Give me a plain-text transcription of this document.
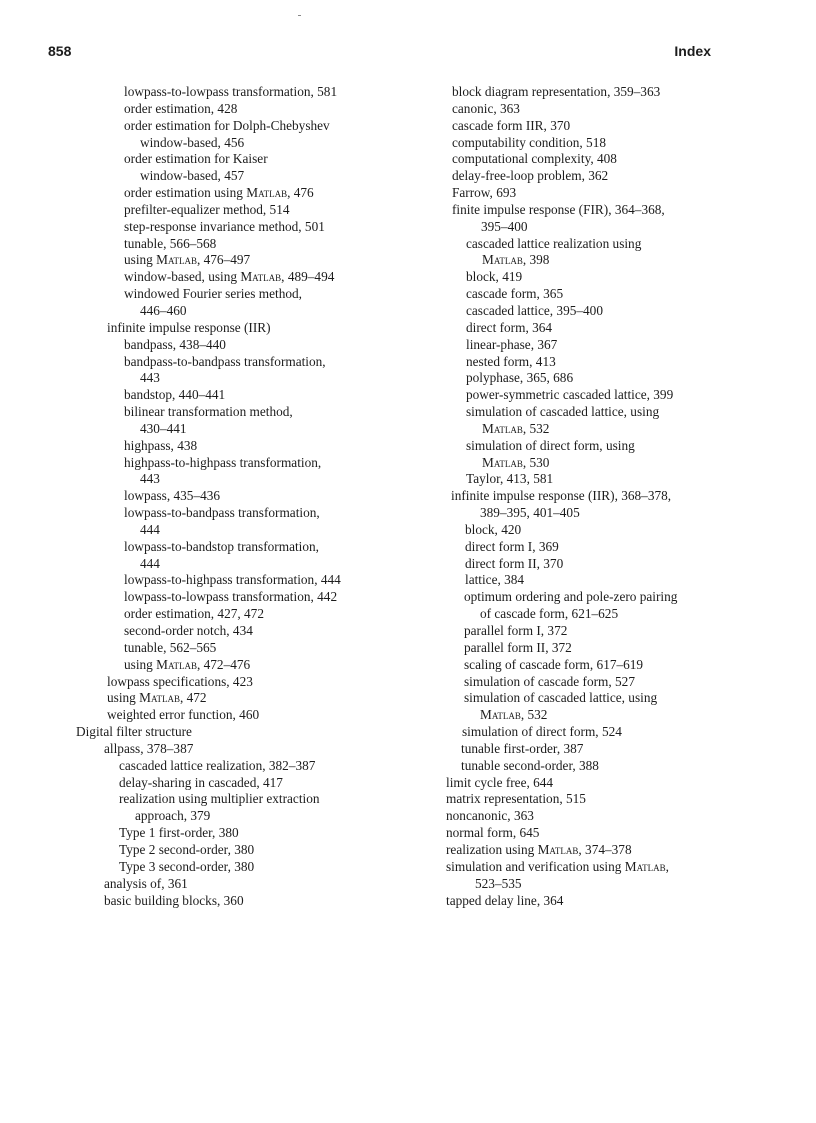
858	Index
lowpass-to-lowpass transformation, 581
order estimation, 428
order estimation for Dolph-Chebyshev
window-based, 456
order estimation for Kaiser
window-based, 457
order estimation using Matlab, 476
prefilter-equalizer method, 514
step-response invariance method, 501
tunable, 566–568
using Matlab, 476–497
window-based, using Matlab, 489–494
windowed Fourier series method,
446–460
infinite impulse response (IIR)
bandpass, 438–440
bandpass-to-bandpass transformation,
443
bandstop, 440–441
bilinear transformation method,
430–441
highpass, 438
highpass-to-highpass transformation,
443
lowpass, 435–436
lowpass-to-bandpass transformation,
444
lowpass-to-bandstop transformation,
444
lowpass-to-highpass transformation, 444
lowpass-to-lowpass transformation, 442
order estimation, 427, 472
second-order notch, 434
tunable, 562–565
using Matlab, 472–476
lowpass specifications, 423
using Matlab, 472
weighted error function, 460
Digital filter structure
allpass, 378–387
cascaded lattice realization, 382–387
delay-sharing in cascaded, 417
realization using multiplier extraction
approach, 379
Type 1 first-order, 380
Type 2 second-order, 380
Type 3 second-order, 380
analysis of, 361
basic building blocks, 360
block diagram representation, 359–363
canonic, 363
cascade form IIR, 370
computability condition, 518
computational complexity, 408
delay-free-loop problem, 362
Farrow, 693
finite impulse response (FIR), 364–368,
395–400
cascaded lattice realization using
Matlab, 398
block, 419
cascade form, 365
cascaded lattice, 395–400
direct form, 364
linear-phase, 367
nested form, 413
polyphase, 365, 686
power-symmetric cascaded lattice, 399
simulation of cascaded lattice, using
Matlab, 532
simulation of direct form, using
Matlab, 530
Taylor, 413, 581
infinite impulse response (IIR), 368–378,
389–395, 401–405
block, 420
direct form I, 369
direct form II, 370
lattice, 384
optimum ordering and pole-zero pairing
of cascade form, 621–625
parallel form I, 372
parallel form II, 372
scaling of cascade form, 617–619
simulation of cascade form, 527
simulation of cascaded lattice, using
Matlab, 532
simulation of direct form, 524
tunable first-order, 387
tunable second-order, 388
limit cycle free, 644
matrix representation, 515
noncanonic, 363
normal form, 645
realization using Matlab, 374–378
simulation and verification using Matlab,
523–535
tapped delay line, 364
